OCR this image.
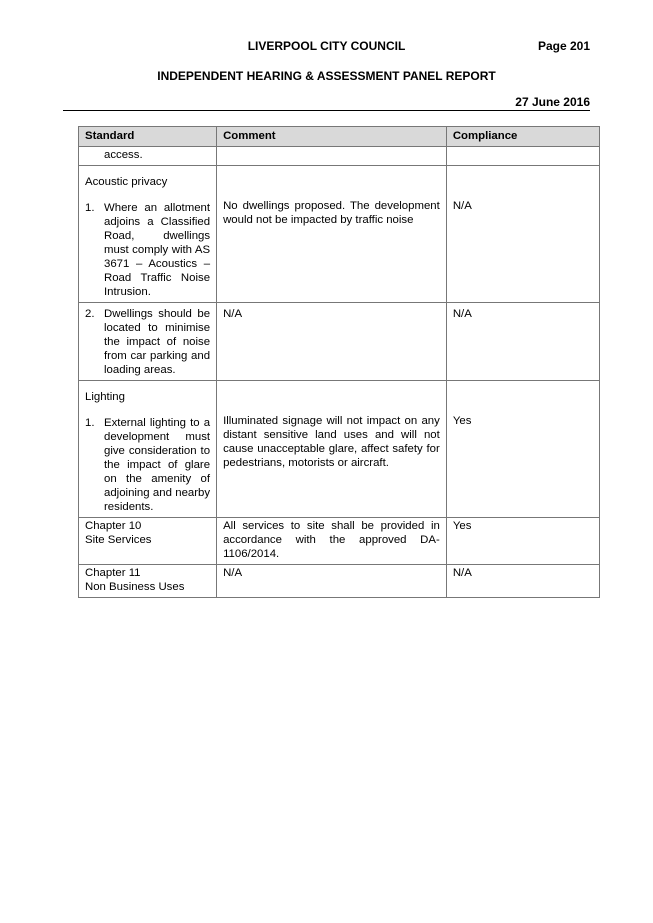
LIVERPOOL CITY COUNCIL	Page 201
INDEPENDENT HEARING & ASSESSMENT PANEL REPORT
27 June 2016
Standard	Comment	Compliance
access.		

Acoustic privacy
1. Where an allotment adjoins a Classified Road, dwellings must comply with AS 3671 – Acoustics – Road Traffic Noise Intrusion.	No dwellings proposed. The development would not be impacted by traffic noise	N/A

2. Dwellings should be located to minimise the impact of noise from car parking and loading areas.	N/A	N/A

Lighting
1. External lighting to a development must give consideration to the impact of glare on the amenity of adjoining and nearby residents.	Illuminated signage will not impact on any distant sensitive land uses and will not cause unacceptable glare, affect safety for pedestrians, motorists or aircraft.	Yes

Chapter 10
Site Services	All services to site shall be provided in accordance with the approved DA-1106/2014.	Yes

Chapter 11
Non Business Uses	N/A	N/A
